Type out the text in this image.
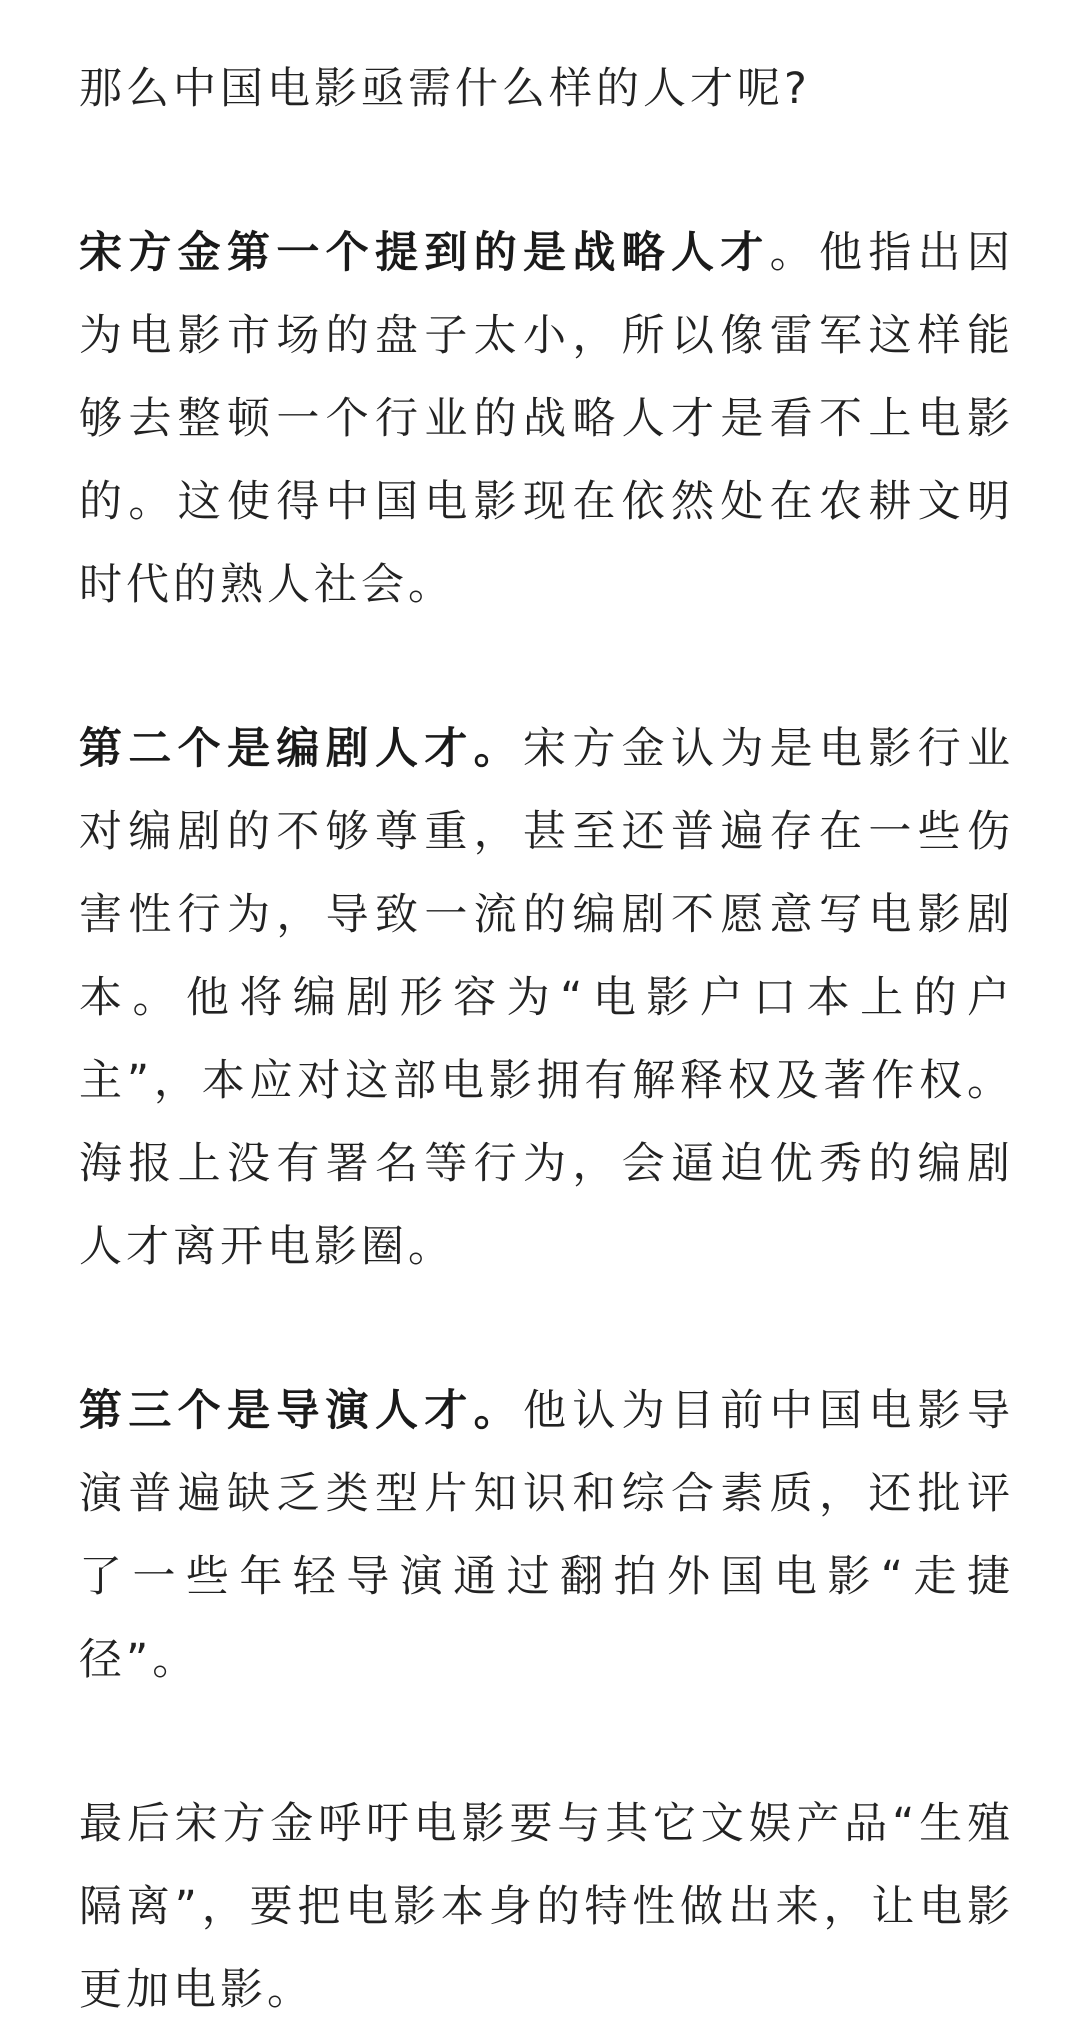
那么中国电影亟需什么样的人才呢?

宋方金第一个提到的是战略人才。他指出因为电影市场的盘子太小，所以像雷军这样能够去整顿一个行业的战略人才是看不上电影的。这使得中国电影现在依然处在农耕文明时代的熟人社会。

第二个是编剧人才。宋方金认为是电影行业对编剧的不够尊重，甚至还普遍存在一些伤害性行为，导致一流的编剧不愿意写电影剧本。他将编剧形容为“电影户口本上的户主”，本应对这部电影拥有解释权及著作权。海报上没有署名等行为，会逼迫优秀的编剧人才离开电影圈。

第三个是导演人才。他认为目前中国电影导演普遍缺乏类型片知识和综合素质，还批评了一些年轻导演通过翻拍外国电影“走捷径”。

最后宋方金呼吁电影要与其它文娱产品“生殖隔离”，要把电影本身的特性做出来，让电影更加电影。
